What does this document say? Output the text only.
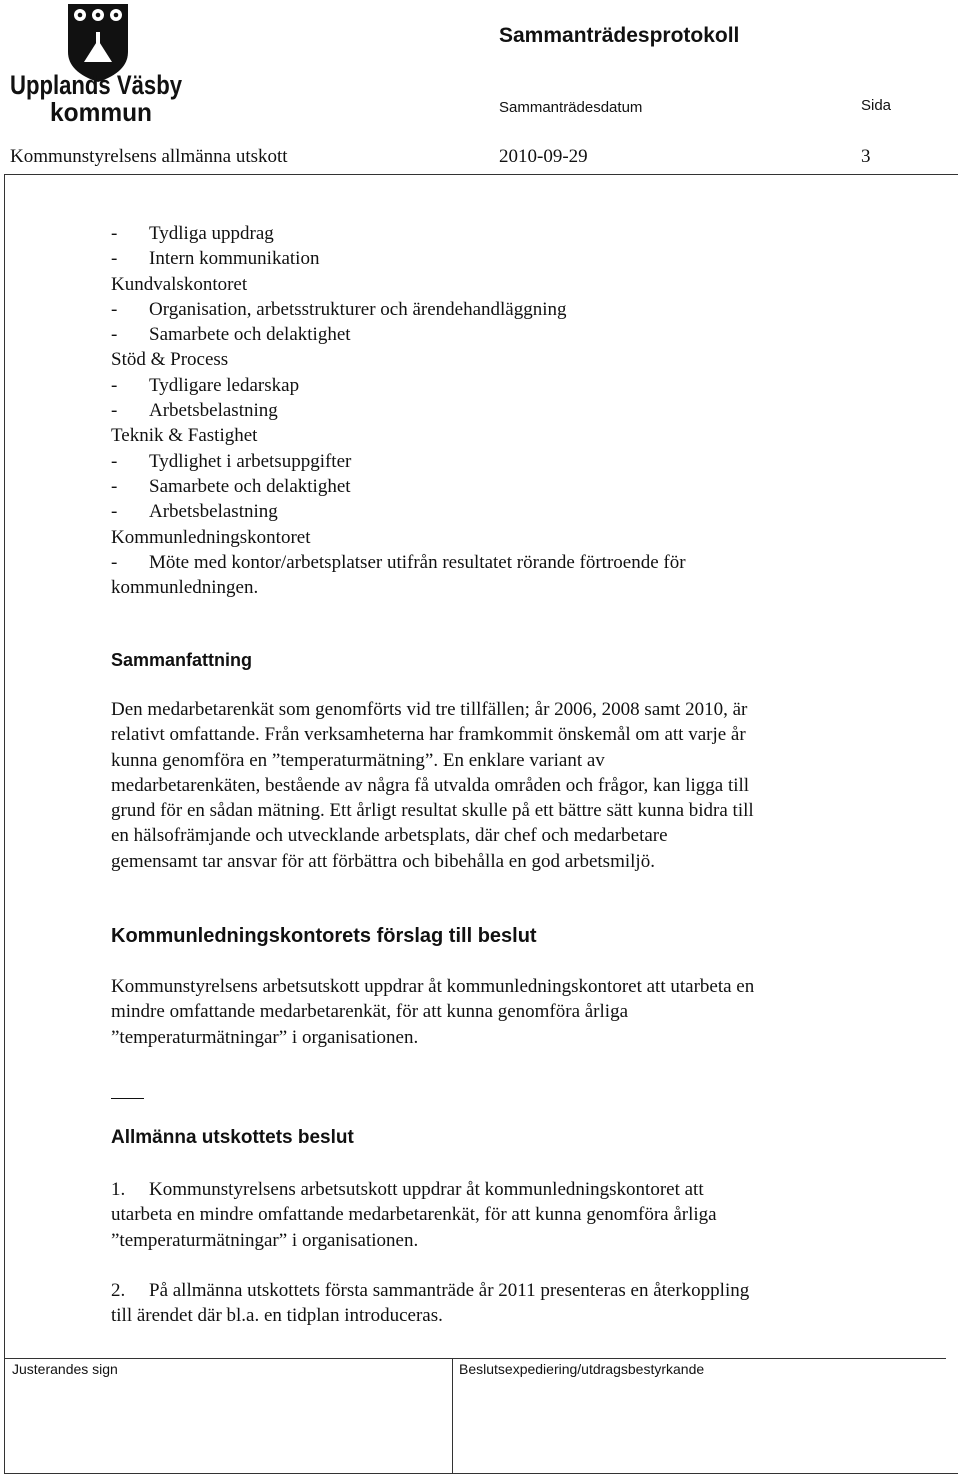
Upplands Väsby
kommun
Sammanträdesprotokoll
Sammanträdesdatum	Sida
Kommunstyrelsens allmänna utskott	2010-09-29	3
-	Tydliga uppdrag
-	Intern kommunikation
Kundvalskontoret
-	Organisation, arbetsstrukturer och ärendehandläggning
-	Samarbete och delaktighet
Stöd & Process
-	Tydligare ledarskap
-	Arbetsbelastning
Teknik & Fastighet
-	Tydlighet i arbetsuppgifter
-	Samarbete och delaktighet
-	Arbetsbelastning
Kommunledningskontoret
-	Möte med kontor/arbetsplatser utifrån resultatet rörande förtroende för
kommunledningen.
Sammanfattning
Den medarbetarenkät som genomförts vid tre tillfällen; år 2006, 2008 samt 2010, är
relativt omfattande. Från verksamheterna har framkommit önskemål om att varje år
kunna genomföra en ”temperaturmätning”. En enklare variant av
medarbetarenkäten, bestående av några få utvalda områden och frågor, kan ligga till
grund för en sådan mätning. Ett årligt resultat skulle på ett bättre sätt kunna bidra till
en hälsofrämjande och utvecklande arbetsplats, där chef och medarbetare
gemensamt tar ansvar för att förbättra och bibehålla en god arbetsmiljö.
Kommunledningskontorets förslag till beslut
Kommunstyrelsens arbetsutskott uppdrar åt kommunledningskontoret att utarbeta en
mindre omfattande medarbetarenkät, för att kunna genomföra årliga
”temperaturmätningar” i organisationen.
Allmänna utskottets beslut
1.	Kommunstyrelsens arbetsutskott uppdrar åt kommunledningskontoret att
utarbeta en mindre omfattande medarbetarenkät, för att kunna genomföra årliga
”temperaturmätningar” i organisationen.
2.	På allmänna utskottets första sammanträde år 2011 presenteras en återkoppling
till ärendet där bl.a. en tidplan introduceras.
Justerandes sign	Beslutsexpediering/utdragsbestyrkande
